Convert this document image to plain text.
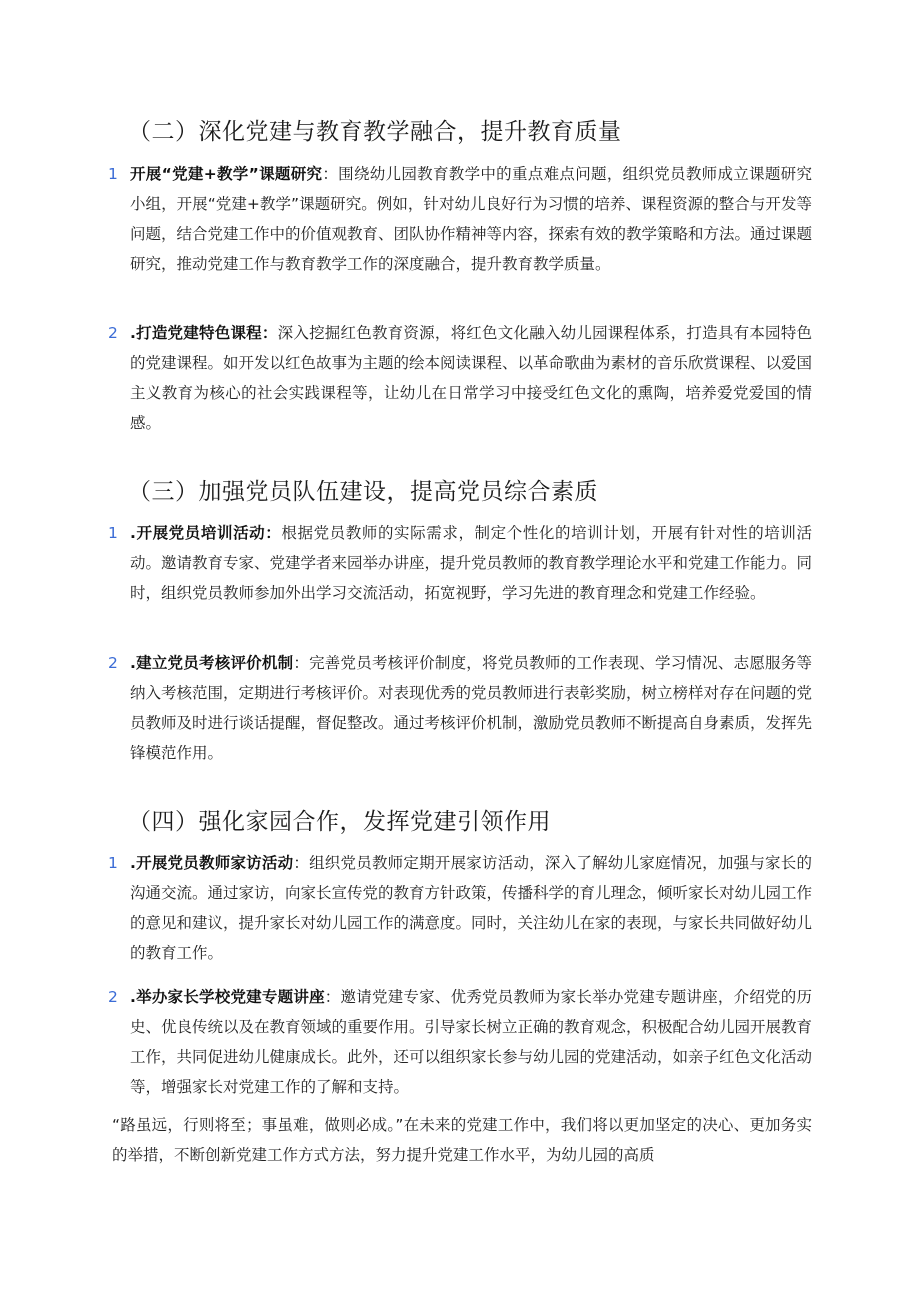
（二）深化党建与教育教学融合，提升教育质量
1 开展“党建+教学”课题研究：围绕幼儿园教育教学中的重点难点问题，组织党员教师成立课题研究小组，开展“党建+教学”课题研究。例如，针对幼儿良好行为习惯的培养、课程资源的整合与开发等问题，结合党建工作中的价值观教育、团队协作精神等内容，探索有效的教学策略和方法。通过课题研究，推动党建工作与教育教学工作的深度融合，提升教育教学质量。

2 .打造党建特色课程：深入挖掘红色教育资源，将红色文化融入幼儿园课程体系，打造具有本园特色的党建课程。如开发以红色故事为主题的绘本阅读课程、以革命歌曲为素材的音乐欣赏课程、以爱国主义教育为核心的社会实践课程等，让幼儿在日常学习中接受红色文化的熏陶，培养爱党爱国的情感。

（三）加强党员队伍建设，提高党员综合素质
1 .开展党员培训活动：根据党员教师的实际需求，制定个性化的培训计划，开展有针对性的培训活动。邀请教育专家、党建学者来园举办讲座，提升党员教师的教育教学理论水平和党建工作能力。同时，组织党员教师参加外出学习交流活动，拓宽视野，学习先进的教育理念和党建工作经验。

2 .建立党员考核评价机制：完善党员考核评价制度，将党员教师的工作表现、学习情况、志愿服务等纳入考核范围，定期进行考核评价。对表现优秀的党员教师进行表彰奖励，树立榜样对存在问题的党员教师及时进行谈话提醒，督促整改。通过考核评价机制，激励党员教师不断提高自身素质，发挥先锋模范作用。

（四）强化家园合作，发挥党建引领作用
1 .开展党员教师家访活动：组织党员教师定期开展家访活动，深入了解幼儿家庭情况，加强与家长的沟通交流。通过家访，向家长宣传党的教育方针政策，传播科学的育儿理念，倾听家长对幼儿园工作的意见和建议，提升家长对幼儿园工作的满意度。同时，关注幼儿在家的表现，与家长共同做好幼儿的教育工作。

2 .举办家长学校党建专题讲座：邀请党建专家、优秀党员教师为家长举办党建专题讲座，介绍党的历史、优良传统以及在教育领域的重要作用。引导家长树立正确的教育观念，积极配合幼儿园开展教育工作，共同促进幼儿健康成长。此外，还可以组织家长参与幼儿园的党建活动，如亲子红色文化活动等，增强家长对党建工作的了解和支持。

“路虽远，行则将至；事虽难，做则必成。”在未来的党建工作中，我们将以更加坚定的决心、更加务实的举措，不断创新党建工作方式方法，努力提升党建工作水平，为幼儿园的高质
